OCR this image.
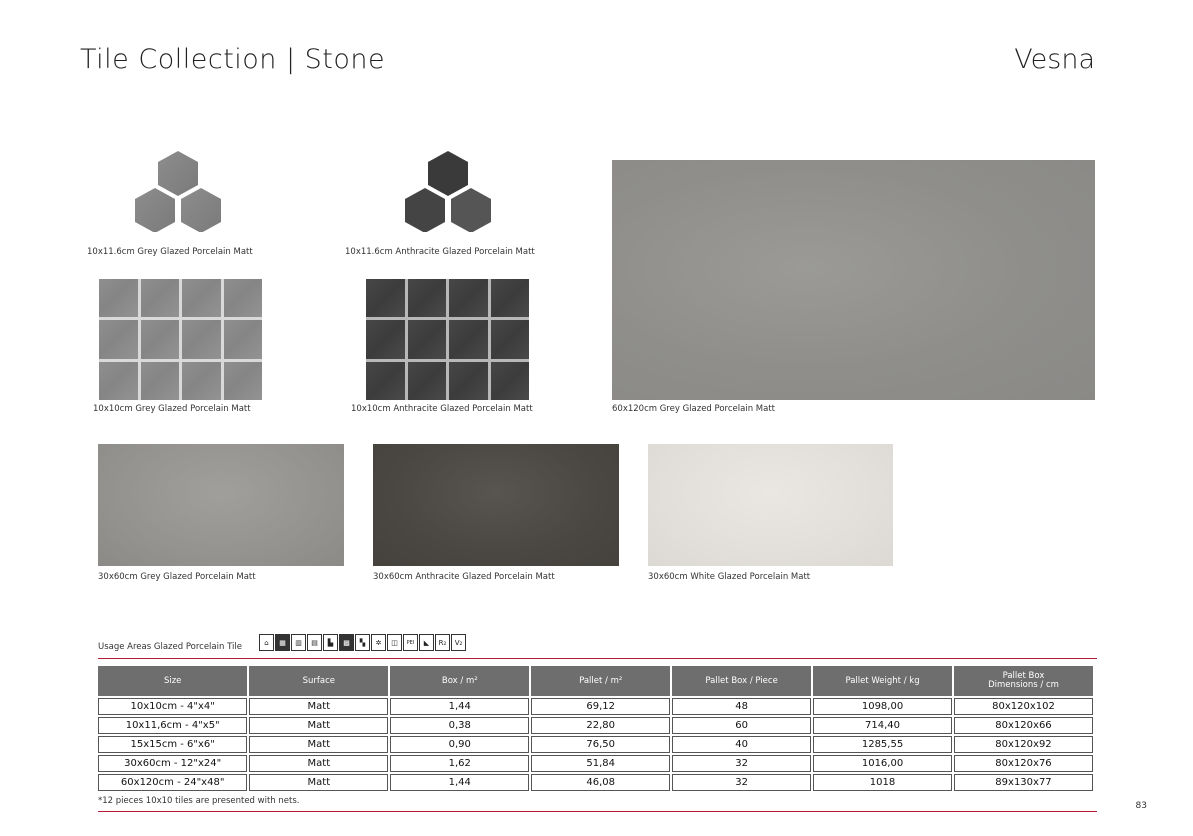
Tile Collection | Stone	Vesna
10x11.6cm Grey Glazed Porcelain Matt	10x11.6cm Anthracite Glazed Porcelain Matt
10x10cm Grey Glazed Porcelain Matt	10x10cm Anthracite Glazed Porcelain Matt	60x120cm Grey Glazed Porcelain Matt
30x60cm Grey Glazed Porcelain Matt	30x60cm Anthracite Glazed Porcelain Matt	30x60cm White Glazed Porcelain Matt
Usage Areas Glazed Porcelain Tile	⌂	▦	▥	▤	▙	▩	▚	✲	◫	PEI	◣	R₂	V₂
Size	Surface	Box / m²	Pallet / m²	Pallet Box / Piece	Pallet Weight / kg	Pallet Box
Dimensions / cm
10x10cm - 4"x4"	Matt	1,44	69,12	48	1098,00	80x120x102
10x11,6cm - 4"x5"	Matt	0,38	22,80	60	714,40	80x120x66
15x15cm - 6"x6"	Matt	0,90	76,50	40	1285,55	80x120x92
30x60cm - 12"x24"	Matt	1,62	51,84	32	1016,00	80x120x76
60x120cm - 24"x48"	Matt	1,44	46,08	32	1018	89x130x77
*12 pieces 10x10 tiles are presented with nets.	83
